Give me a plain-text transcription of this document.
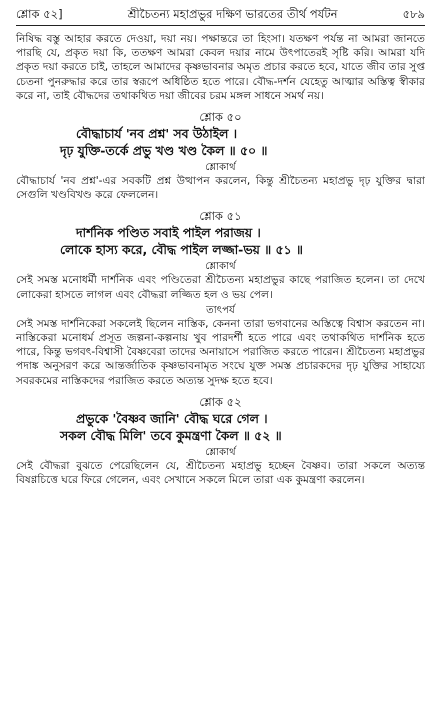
শ্লোক ৫২]	শ্রীচৈতন্য মহাপ্রভুর দক্ষিণ ভারতের তীর্থ পর্যটন	৫৮৯

নিষিদ্ধ বস্তু আহার করতে দেওয়া, দয়া নয়। পক্ষান্তরে তা হিংসা। যতক্ষণ পর্যন্ত না আমরা জানতে পারছি যে, প্রকৃত দয়া কি, ততক্ষণ আমরা কেবল দয়ার নামে উৎপাতেরই সৃষ্টি করি। আমরা যদি প্রকৃত দয়া করতে চাই, তাহলে আমাদের কৃষ্ণভাবনার অমৃত প্রচার করতে হবে, যাতে জীব তার সুপ্ত চেতনা পুনরুদ্ধার করে তার স্বরূপে অধিষ্ঠিত হতে পারে। বৌদ্ধ-দর্শন যেহেতু আত্মার অস্তিত্ব স্বীকার করে না, তাই বৌদ্ধদের তথাকথিত দয়া জীবের চরম মঙ্গল সাধনে সমর্থ নয়।

শ্লোক ৫০

বৌদ্ধাচার্য 'নব প্রশ্ন' সব উঠাইল ।

দৃঢ় যুক্তি-তর্কে প্রভু খণ্ড খণ্ড কৈল ॥ ৫০ ॥

শ্লোকার্থ

বৌদ্ধাচার্য 'নব প্রশ্ন'-এর সবকটি প্রশ্ন উত্থাপন করলেন, কিন্তু শ্রীচৈতন্য মহাপ্রভু দৃঢ় যুক্তির দ্বারা সেগুলি খণ্ডবিখণ্ড করে ফেললেন।

শ্লোক ৫১

দার্শনিক পণ্ডিত সবাই পাইল পরাজয় ।

লোকে হাস্য করে, বৌদ্ধ পাইল লজ্জা-ভয় ॥ ৫১ ॥

শ্লোকার্থ

সেই সমস্ত মনোধর্মী দার্শনিক এবং পণ্ডিতেরা শ্রীচৈতন্য মহাপ্রভুর কাছে পরাজিত হলেন। তা দেখে লোকেরা হাসতে লাগল এবং বৌদ্ধরা লজ্জিত হল ও ভয় পেল।

তাৎপর্য

সেই সমস্ত দার্শনিকেরা সকলেই ছিলেন নাস্তিক, কেননা তারা ভগবানের অস্তিত্বে বিশ্বাস করতেন না। নাস্তিকেরা মনোধর্ম প্রসূত জল্পনা-কল্পনায় খুব পারদর্শী হতে পারে এবং তথাকথিত দার্শনিক হতে পারে, কিন্তু ভগবৎ-বিশ্বাসী বৈষ্ণবেরা তাদের অনায়াসে পরাজিত করতে পারেন। শ্রীচৈতন্য মহাপ্রভুর পদাঙ্ক অনুসরণ করে আন্তর্জাতিক কৃষ্ণভাবনামৃত সংঘে যুক্ত সমস্ত প্রচারকদের দৃঢ় যুক্তির সাহায্যে সবরকমের নাস্তিকদের পরাজিত করতে অত্যন্ত সুদক্ষ হতে হবে।

শ্লোক ৫২

প্রভুকে 'বৈষ্ণব জানি' বৌদ্ধ ঘরে গেল ।

সকল বৌদ্ধ মিলি' তবে কুমন্ত্রণা কৈল ॥ ৫২ ॥

শ্লোকার্থ

সেই বৌদ্ধরা বুঝতে পেরেছিলেন যে, শ্রীচৈতন্য মহাপ্রভু হচ্ছেন বৈষ্ণব। তারা সকলে অত্যন্ত বিষণ্ণচিত্তে ঘরে ফিরে গেলেন, এবং সেখানে সকলে মিলে তারা এক কুমন্ত্রণা করলেন।
